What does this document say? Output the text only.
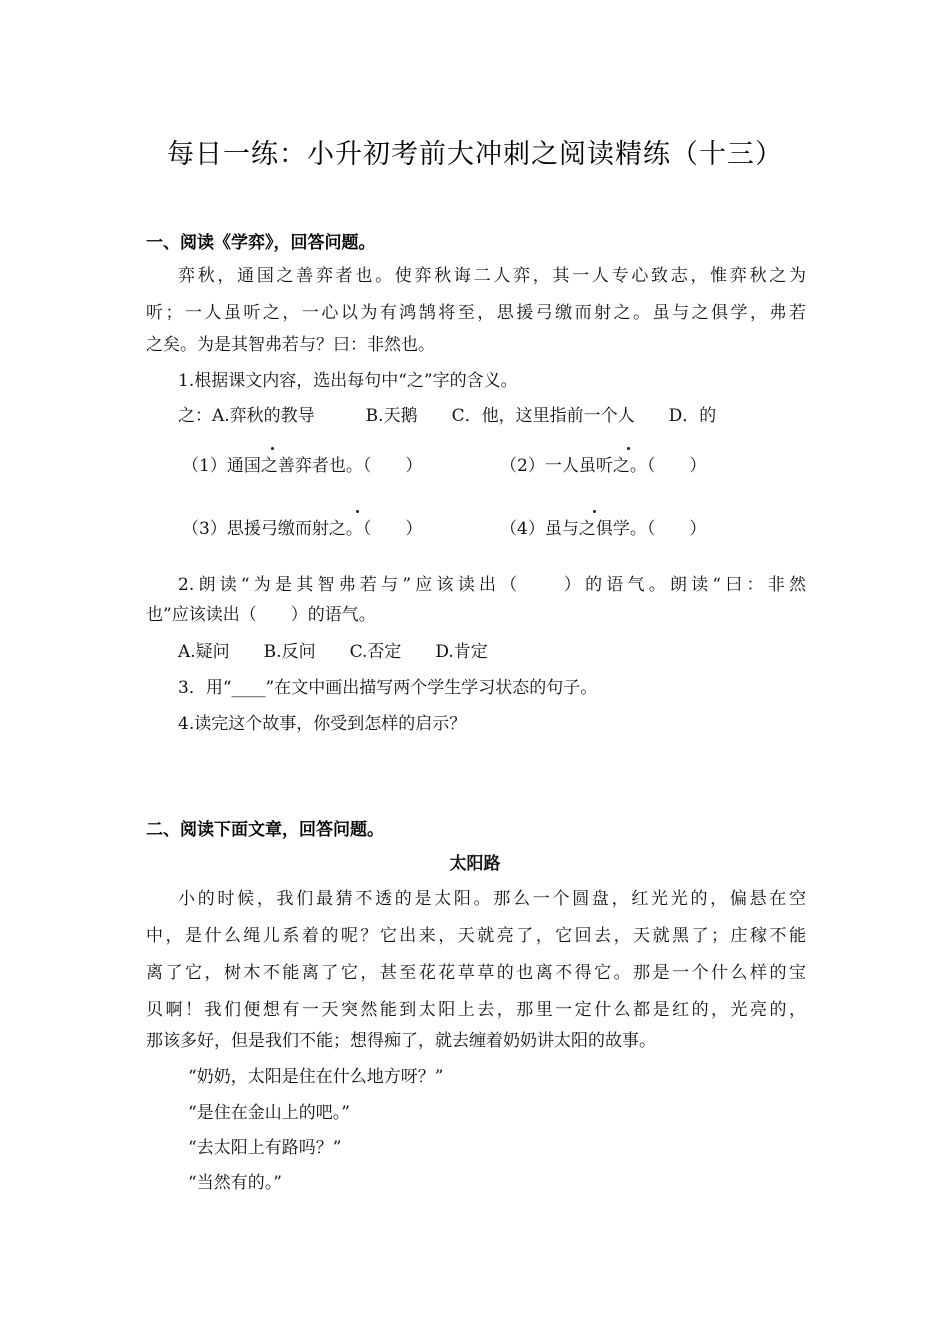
每日一练：小升初考前大冲刺之阅读精练（十三）
一、阅读《学弈》，回答问题。
弈秋，通国之善弈者也。使弈秋诲二人弈，其一人专心致志，惟弈秋之为
听；一人虽听之，一心以为有鸿鹄将至，思援弓缴而射之。虽与之俱学，弗若
之矣。为是其智弗若与？曰：非然也。
1.根据课文内容，选出每句中“之”字的含义。
之：A.弈秋的教导　　　B.天鹅　　C．他，这里指前一个人　　D．的
（1）通国之善弈者也。（　　）	（2）一人虽听之。（　　）
（3）思援弓缴而射之。（　　）	（4）虽与之俱学。（　　）
2.朗读“为是其智弗若与”应该读出（　　）的语气。朗读“曰：非然
也”应该读出（　　）的语气。
A.疑问　　B.反问　　C.否定　　D.肯定
3．用“____”在文中画出描写两个学生学习状态的句子。
4.读完这个故事，你受到怎样的启示？
二、阅读下面文章，回答问题。
太阳路
小的时候，我们最猜不透的是太阳。那么一个圆盘，红光光的，偏悬在空
中，是什么绳儿系着的呢？它出来，天就亮了，它回去，天就黑了；庄稼不能
离了它，树木不能离了它，甚至花花草草的也离不得它。那是一个什么样的宝
贝啊！我们便想有一天突然能到太阳上去，那里一定什么都是红的，光亮的，
那该多好，但是我们不能；想得痴了，就去缠着奶奶讲太阳的故事。
“奶奶，太阳是住在什么地方呀？”
“是住在金山上的吧。”
“去太阳上有路吗？”
“当然有的。”
